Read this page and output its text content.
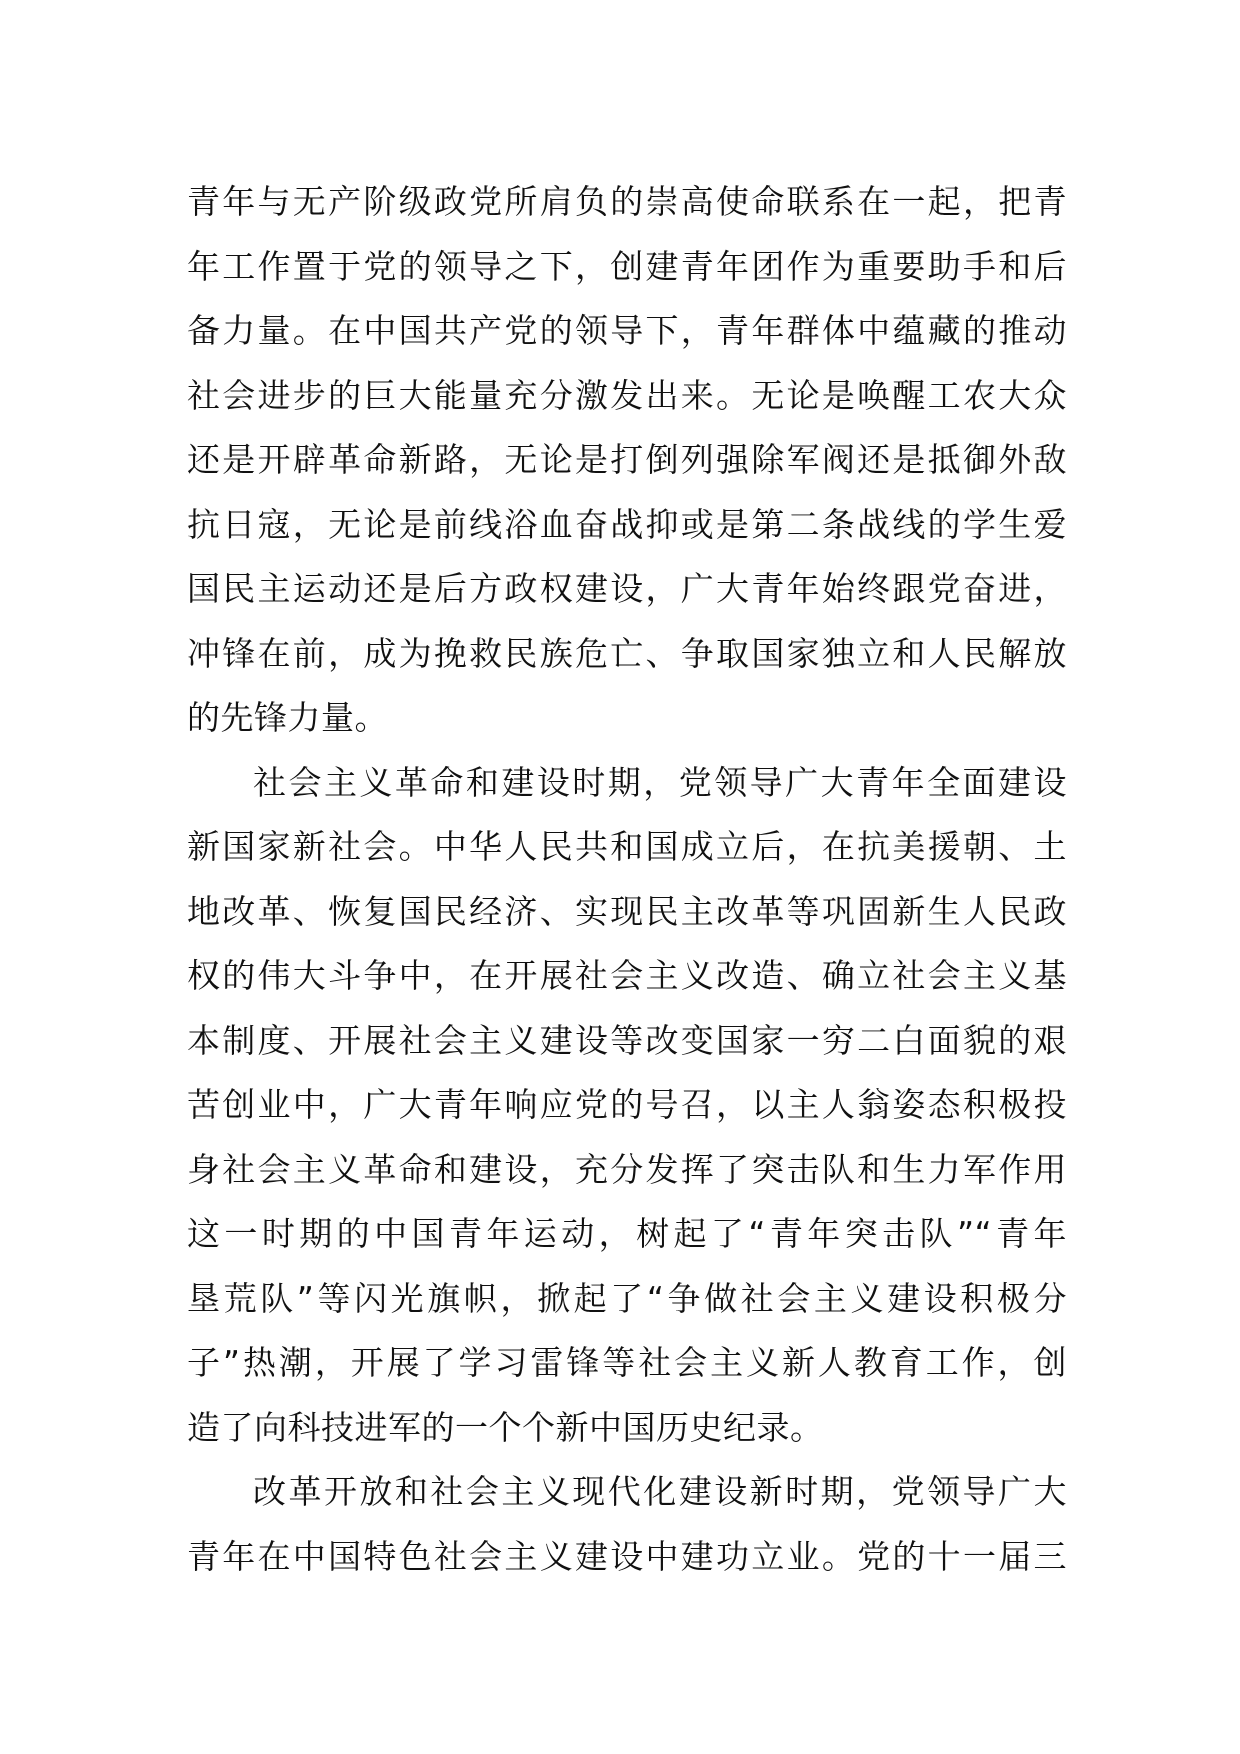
青年与无产阶级政党所肩负的崇高使命联系在一起，把青
年工作置于党的领导之下，创建青年团作为重要助手和后
备力量。在中国共产党的领导下，青年群体中蕴藏的推动
社会进步的巨大能量充分激发出来。无论是唤醒工农大众
还是开辟革命新路，无论是打倒列强除军阀还是抵御外敌
抗日寇，无论是前线浴血奋战抑或是第二条战线的学生爱
国民主运动还是后方政权建设，广大青年始终跟党奋进，
冲锋在前，成为挽救民族危亡、争取国家独立和人民解放
的先锋力量。
社会主义革命和建设时期，党领导广大青年全面建设
新国家新社会。中华人民共和国成立后，在抗美援朝、土
地改革、恢复国民经济、实现民主改革等巩固新生人民政
权的伟大斗争中，在开展社会主义改造、确立社会主义基
本制度、开展社会主义建设等改变国家一穷二白面貌的艰
苦创业中，广大青年响应党的号召，以主人翁姿态积极投
身社会主义革命和建设，充分发挥了突击队和生力军作用
这一时期的中国青年运动，树起了“青年突击队”“青年
垦荒队”等闪光旗帜，掀起了“争做社会主义建设积极分
子”热潮，开展了学习雷锋等社会主义新人教育工作，创
造了向科技进军的一个个新中国历史纪录。
改革开放和社会主义现代化建设新时期，党领导广大
青年在中国特色社会主义建设中建功立业。党的十一届三
